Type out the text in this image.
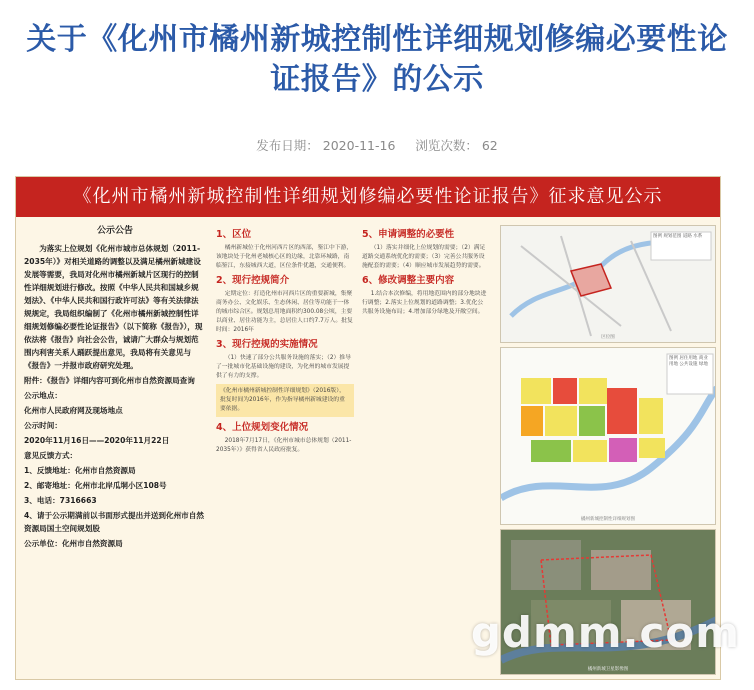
关于《化州市橘州新城控制性详细规划修编必要性论证报告》的公示
发布日期： 2020-11-16 浏览次数： 62
《化州市橘州新城控制性详细规划修编必要性论证报告》征求意见公示
公示公告
为落实上位规划《化州市城市总体规划（2011-2035年）》对相关道路的调整以及满足橘州新城建设发展等需要，我局对化州市橘州新城片区现行的控制性详细规划进行修改。按照《中华人民共和国城乡规划法》、《中华人民共和国行政许可法》等有关法律法规规定，我局组织编制了《化州市橘州新城控制性详细规划修编必要性论证报告》（以下简称《报告》），现依法将《报告》向社会公告，诚请广大群众与规划范围内利害关系人踊跃提出意见，我局将有关意见与《报告》一并报市政府研究处理。
附件：《报告》详细内容可到化州市自然资源局查询
公示地点：
化州市人民政府网及现场地点
公示时间：
2020年11月16日——2020年11月22日
意见反馈方式：
1、反馈地址：化州市自然资源局
2、邮寄地址：化州市北岸瓜垌小区108号
3、电话：7316663
4、请于公示期满前以书面形式提出并送到化州市自然资源局国土空间规划股
公示单位：化州市自然资源局
1、区位
橘州新城位于化州河西片区的西部，鉴江中下游，该地块处于化州老城核心区的边缘，北靠环城路，南临鉴江，东接城西大道，区位条件优越，交通便利。
2、现行控规简介
定期定位：打造化州市河西片区的重要新城，集聚商务办公、文化娱乐、生态休闲、居住等功能于一体的城市综合区。规划总用地面积约300.08公顷，主要以商业、居住功能为主，总居住人口约7.7万人。批复时间：2016年
3、现行控规的实施情况
（1）快速了部分公共服务设施的落实；（2）推导了一批城市化基础设施的建设，为化州的城市发展提供了有力的支撑。
《化州市橘州新城控制性详细规划》（2016版），批复时间为2016年，作为指导橘州新城建设的重要依据。
4、上位规划变化情况
2018年7月17日，《化州市城市总体规划（2011-2035年）》获得省人民政府批复。
5、申请调整的必要性
（1）落实并细化上位规划的需要；（2）满足道路交通系统优化的需要；（3）完善公共服务设施配套的需要；（4）顺应城市发展趋势的需要。
6、修改调整主要内容
1.结合本次修编，将用地范围内的部分地块进行调整；2.落实上位规划的道路调整；3.优化公共服务设施布局；4.增加部分绿地及开敞空间。
图例 规划范围 道路 水系
区位图
图例 居住用地 商业用地 公共设施 绿地
橘州新城控制性详细规划图
橘州新城卫星影像图
gdmm.com
